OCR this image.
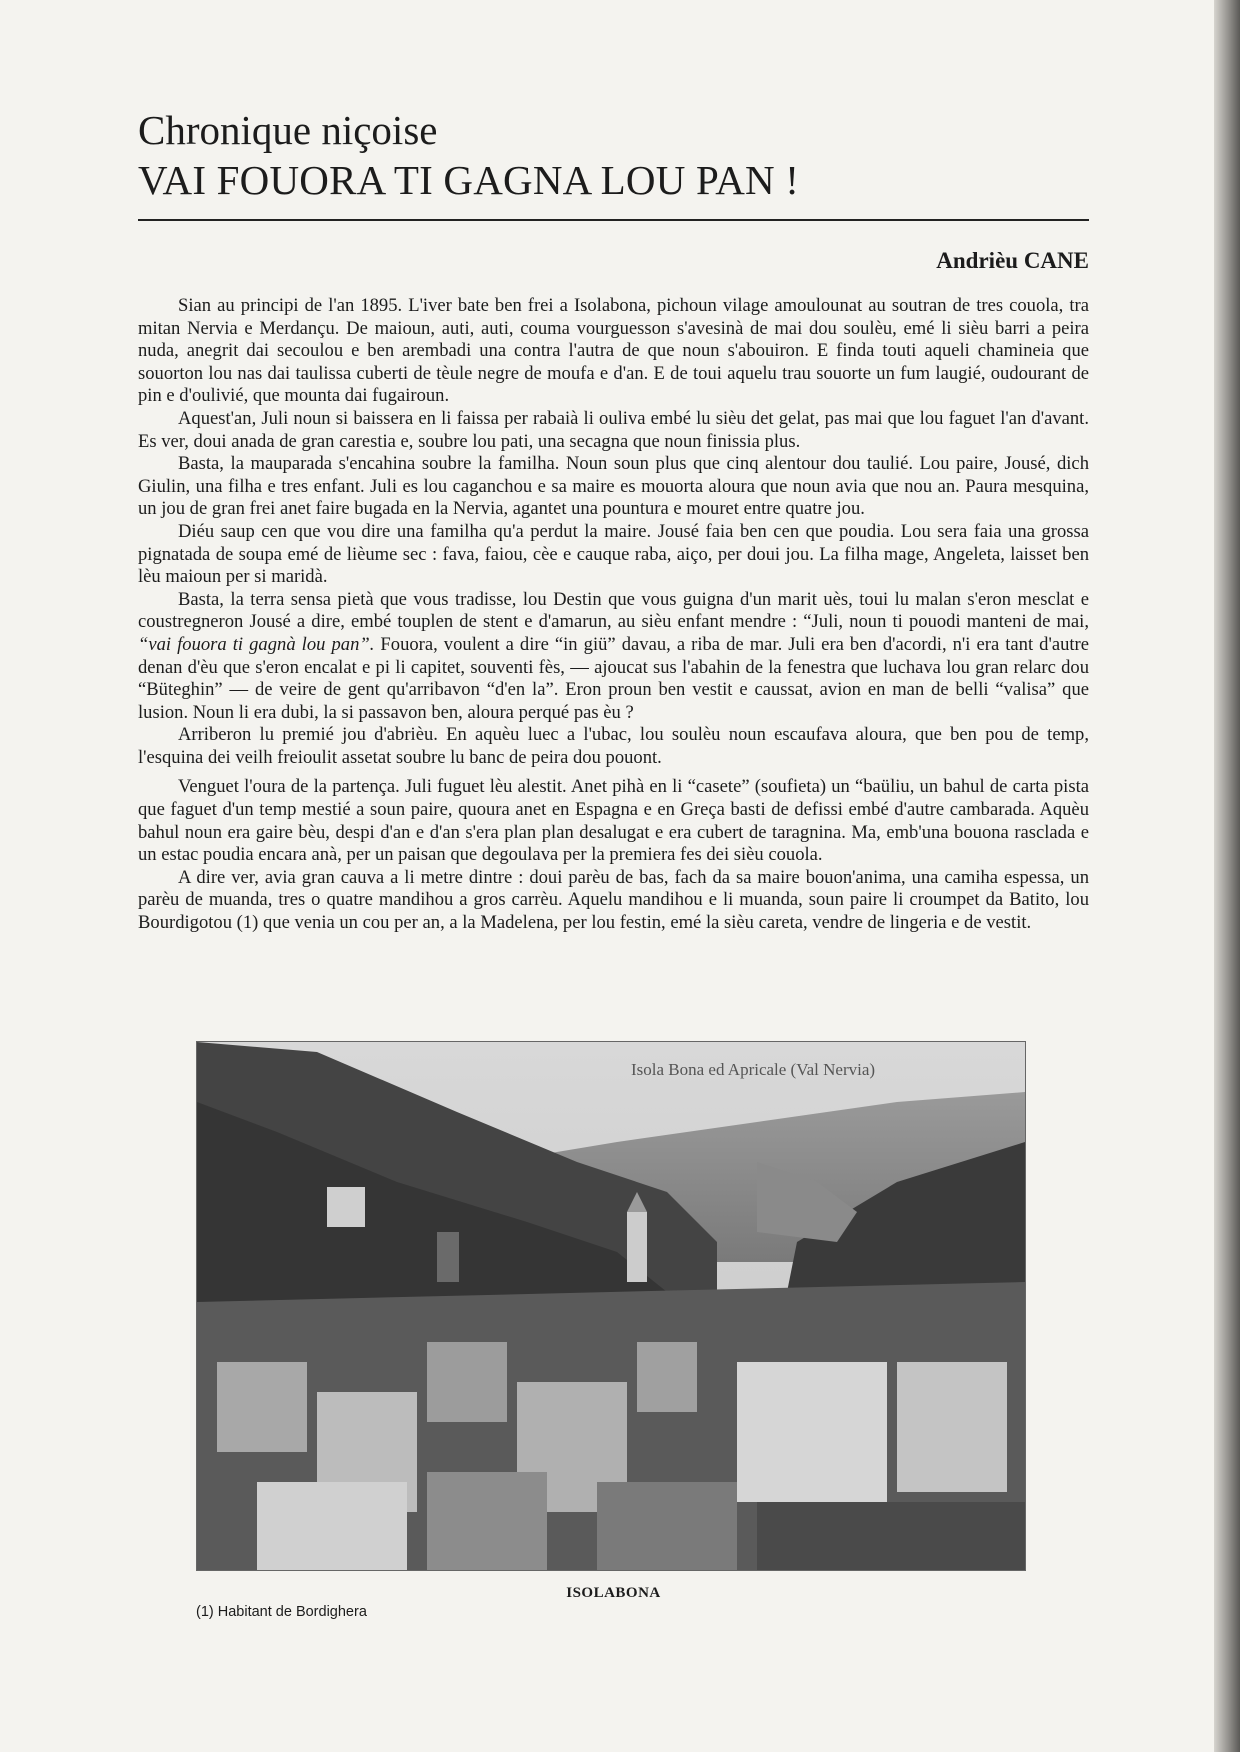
Chronique niçoise
VAI FOUORA TI GAGNA LOU PAN !
Andrièu CANE

Sian au principi de l'an 1895. L'iver bate ben frei a Isolabona, pichoun vilage amoulounat au soutran de tres couola, tra mitan Nervia e Merdançu. De maioun, auti, auti, couma vourguesson s'avesinà de mai dou soulèu, emé li sièu barri a peira nuda, anegrit dai secoulou e ben arembadi una contra l'autra de que noun s'abouiron. E finda touti aqueli chamineia que souorton lou nas dai taulissa cuberti de tèule negre de moufa e d'an. E de toui aquelu trau souorte un fum laugié, oudourant de pin e d'oulivié, que mounta dai fugairoun.

Aquest'an, Juli noun si baissera en li faissa per rabaià li ouliva embé lu sièu det gelat, pas mai que lou faguet l'an d'avant. Es ver, doui anada de gran carestia e, soubre lou pati, una secagna que noun finissia plus.

Basta, la mauparada s'encahina soubre la familha. Noun soun plus que cinq alentour dou taulié. Lou paire, Jousé, dich Giulin, una filha e tres enfant. Juli es lou caganchou e sa maire es mouorta aloura que noun avia que nou an. Paura mesquina, un jou de gran frei anet faire bugada en la Nervia, agantet una pountura e mouret entre quatre jou.

Diéu saup cen que vou dire una familha qu'a perdut la maire. Jousé faia ben cen que poudia. Lou sera faia una grossa pignatada de soupa emé de lièume sec : fava, faiou, cèe e cauque raba, aiço, per doui jou. La filha mage, Angeleta, laisset ben lèu maioun per si maridà.

Basta, la terra sensa pietà que vous tradisse, lou Destin que vous guigna d'un marit uès, toui lu malan s'eron mesclat e coustregneron Jousé a dire, embé touplen de stent e d'amarun, au sièu enfant mendre : “Juli, noun ti pouodi manteni de mai, “vai fouora ti gagnà lou pan”. Fouora, voulent a dire “in giü” davau, a riba de mar. Juli era ben d'acordi, n'i era tant d'autre denan d'èu que s'eron encalat e pi li capitet, souventi fès, — ajoucat sus l'abahin de la fenestra que luchava lou gran relarc dou “Büteghin” — de veire de gent qu'arribavon “d'en la”. Eron proun ben vestit e caussat, avion en man de belli “valisa” que lusion. Noun li era dubi, la si passavon ben, aloura perqué pas èu ?

Arriberon lu premié jou d'abrièu. En aquèu luec a l'ubac, lou soulèu noun escaufava aloura, que ben pou de temp, l'esquina dei veilh freioulit assetat soubre lu banc de peira dou pouont.

Venguet l'oura de la partença. Juli fuguet lèu alestit. Anet pihà en li “casete” (soufieta) un “baüliu, un bahul de carta pista que faguet d'un temp mestié a soun paire, quoura anet en Espagna e en Greça basti de defissi embé d'autre cambarada. Aquèu bahul noun era gaire bèu, despi d'an e d'an s'era plan plan desalugat e era cubert de taragnina. Ma, emb'una bouona rasclada e un estac poudia encara anà, per un paisan que degoulava per la premiera fes dei sièu couola.

A dire ver, avia gran cauva a li metre dintre : doui parèu de bas, fach da sa maire bouon'anima, una camiha espessa, un parèu de muanda, tres o quatre mandihou a gros carrèu. Aquelu mandihou e li muanda, soun paire li croumpet da Batito, lou Bourdigotou (1) que venia un cou per an, a la Madelena, per lou festin, emé la sièu careta, vendre de lingeria e de vestit.

Isola Bona ed Apricale (Val Nervia)
ISOLABONA
(1) Habitant de Bordighera
